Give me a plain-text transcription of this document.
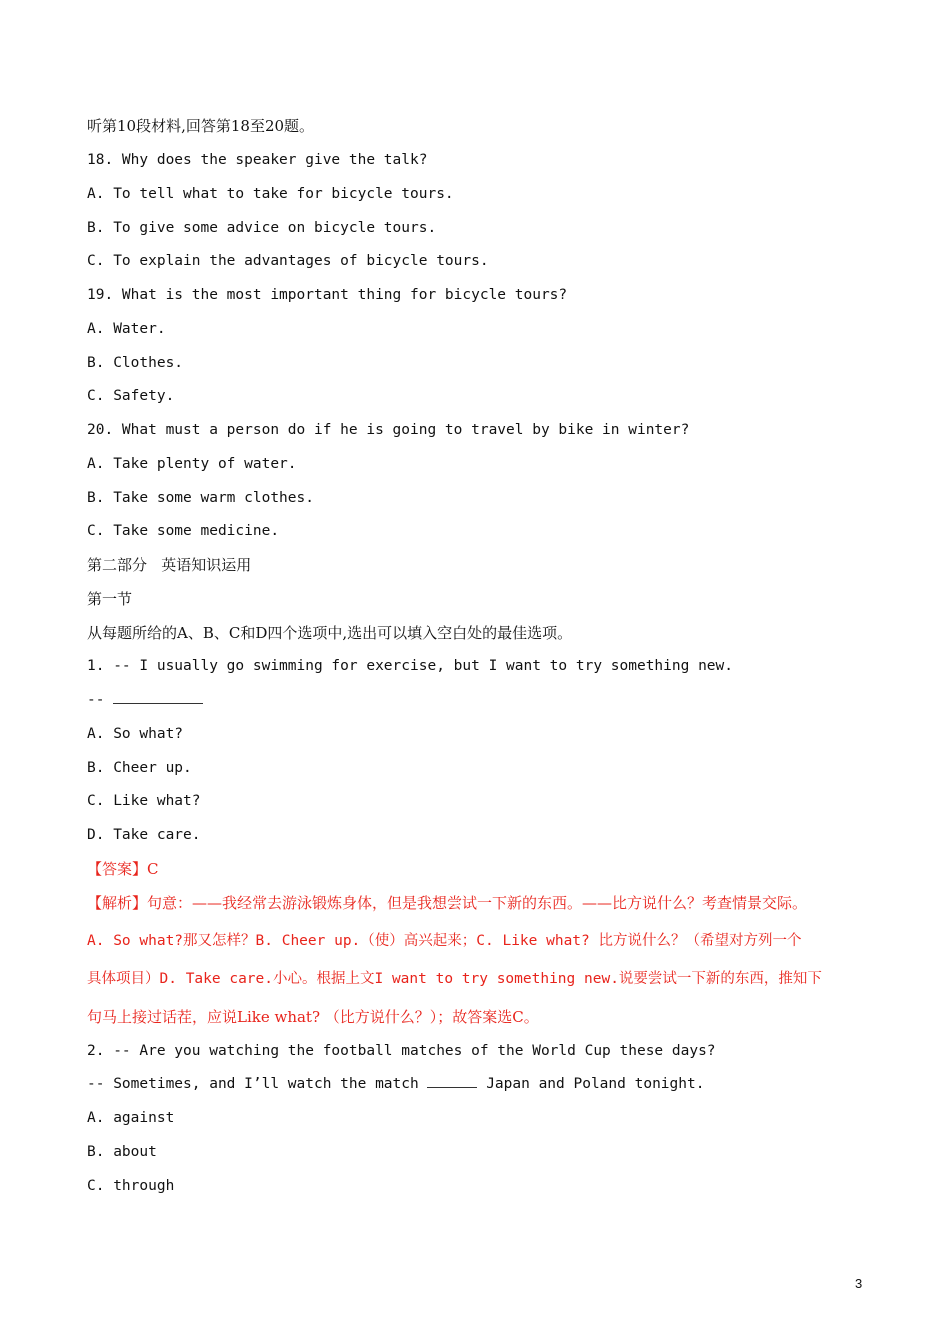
听第10段材料,回答第18至20题。
18. Why does the speaker give the talk?
A. To tell what to take for bicycle tours.
B. To give some advice on bicycle tours.
C. To explain the advantages of bicycle tours.
19. What is the most important thing for bicycle tours?
A. Water.
B. Clothes.
C. Safety.
20. What must a person do if he is going to travel by bike in winter?
A. Take plenty of water.
B. Take some warm clothes.
C. Take some medicine.
第二部分   英语知识运用
第一节
从每题所给的A、B、C和D四个选项中,选出可以填入空白处的最佳选项。
1. -- I usually go swimming for exercise, but I want to try something new.
--
A. So what?
B. Cheer up.
C. Like what?
D. Take care.
【答案】C
【解析】句意：——我经常去游泳锻炼身体，但是我想尝试一下新的东西。——比方说什么？考查情景交际。
A. So what?那又怎样？B. Cheer up.（使）高兴起来；C. Like what? 比方说什么？（希望对方列一个
具体项目）D. Take care.小心。根据上文I want to try something new.说要尝试一下新的东西，推知下
句马上接过话茬，应说Like what? （比方说什么？）；故答案选C。
2. -- Are you watching the football matches of the World Cup these days?
-- Sometimes, and I’ll watch the match	Japan and Poland tonight.
A. against
B. about
C. through
3
